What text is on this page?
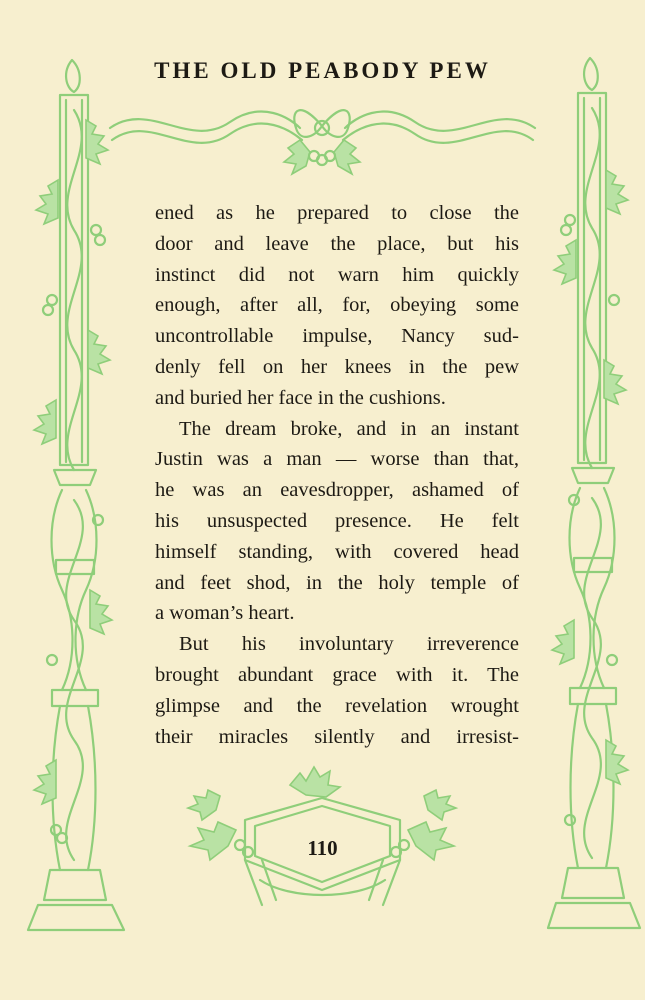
THE OLD PEABODY PEW
ened as he prepared to close the
door and leave the place, but his
instinct did not warn him quickly
enough, after all, for, obeying some
uncontrollable impulse, Nancy sud-
denly fell on her knees in the pew
and buried her face in the cushions.
The dream broke, and in an instant
Justin was a man — worse than that,
he was an eavesdropper, ashamed of
his unsuspected presence. He felt
himself standing, with covered head
and feet shod, in the holy temple of
a woman’s heart.
But his involuntary irreverence
brought abundant grace with it. The
glimpse and the revelation wrought
their miracles silently and irresist-
110
